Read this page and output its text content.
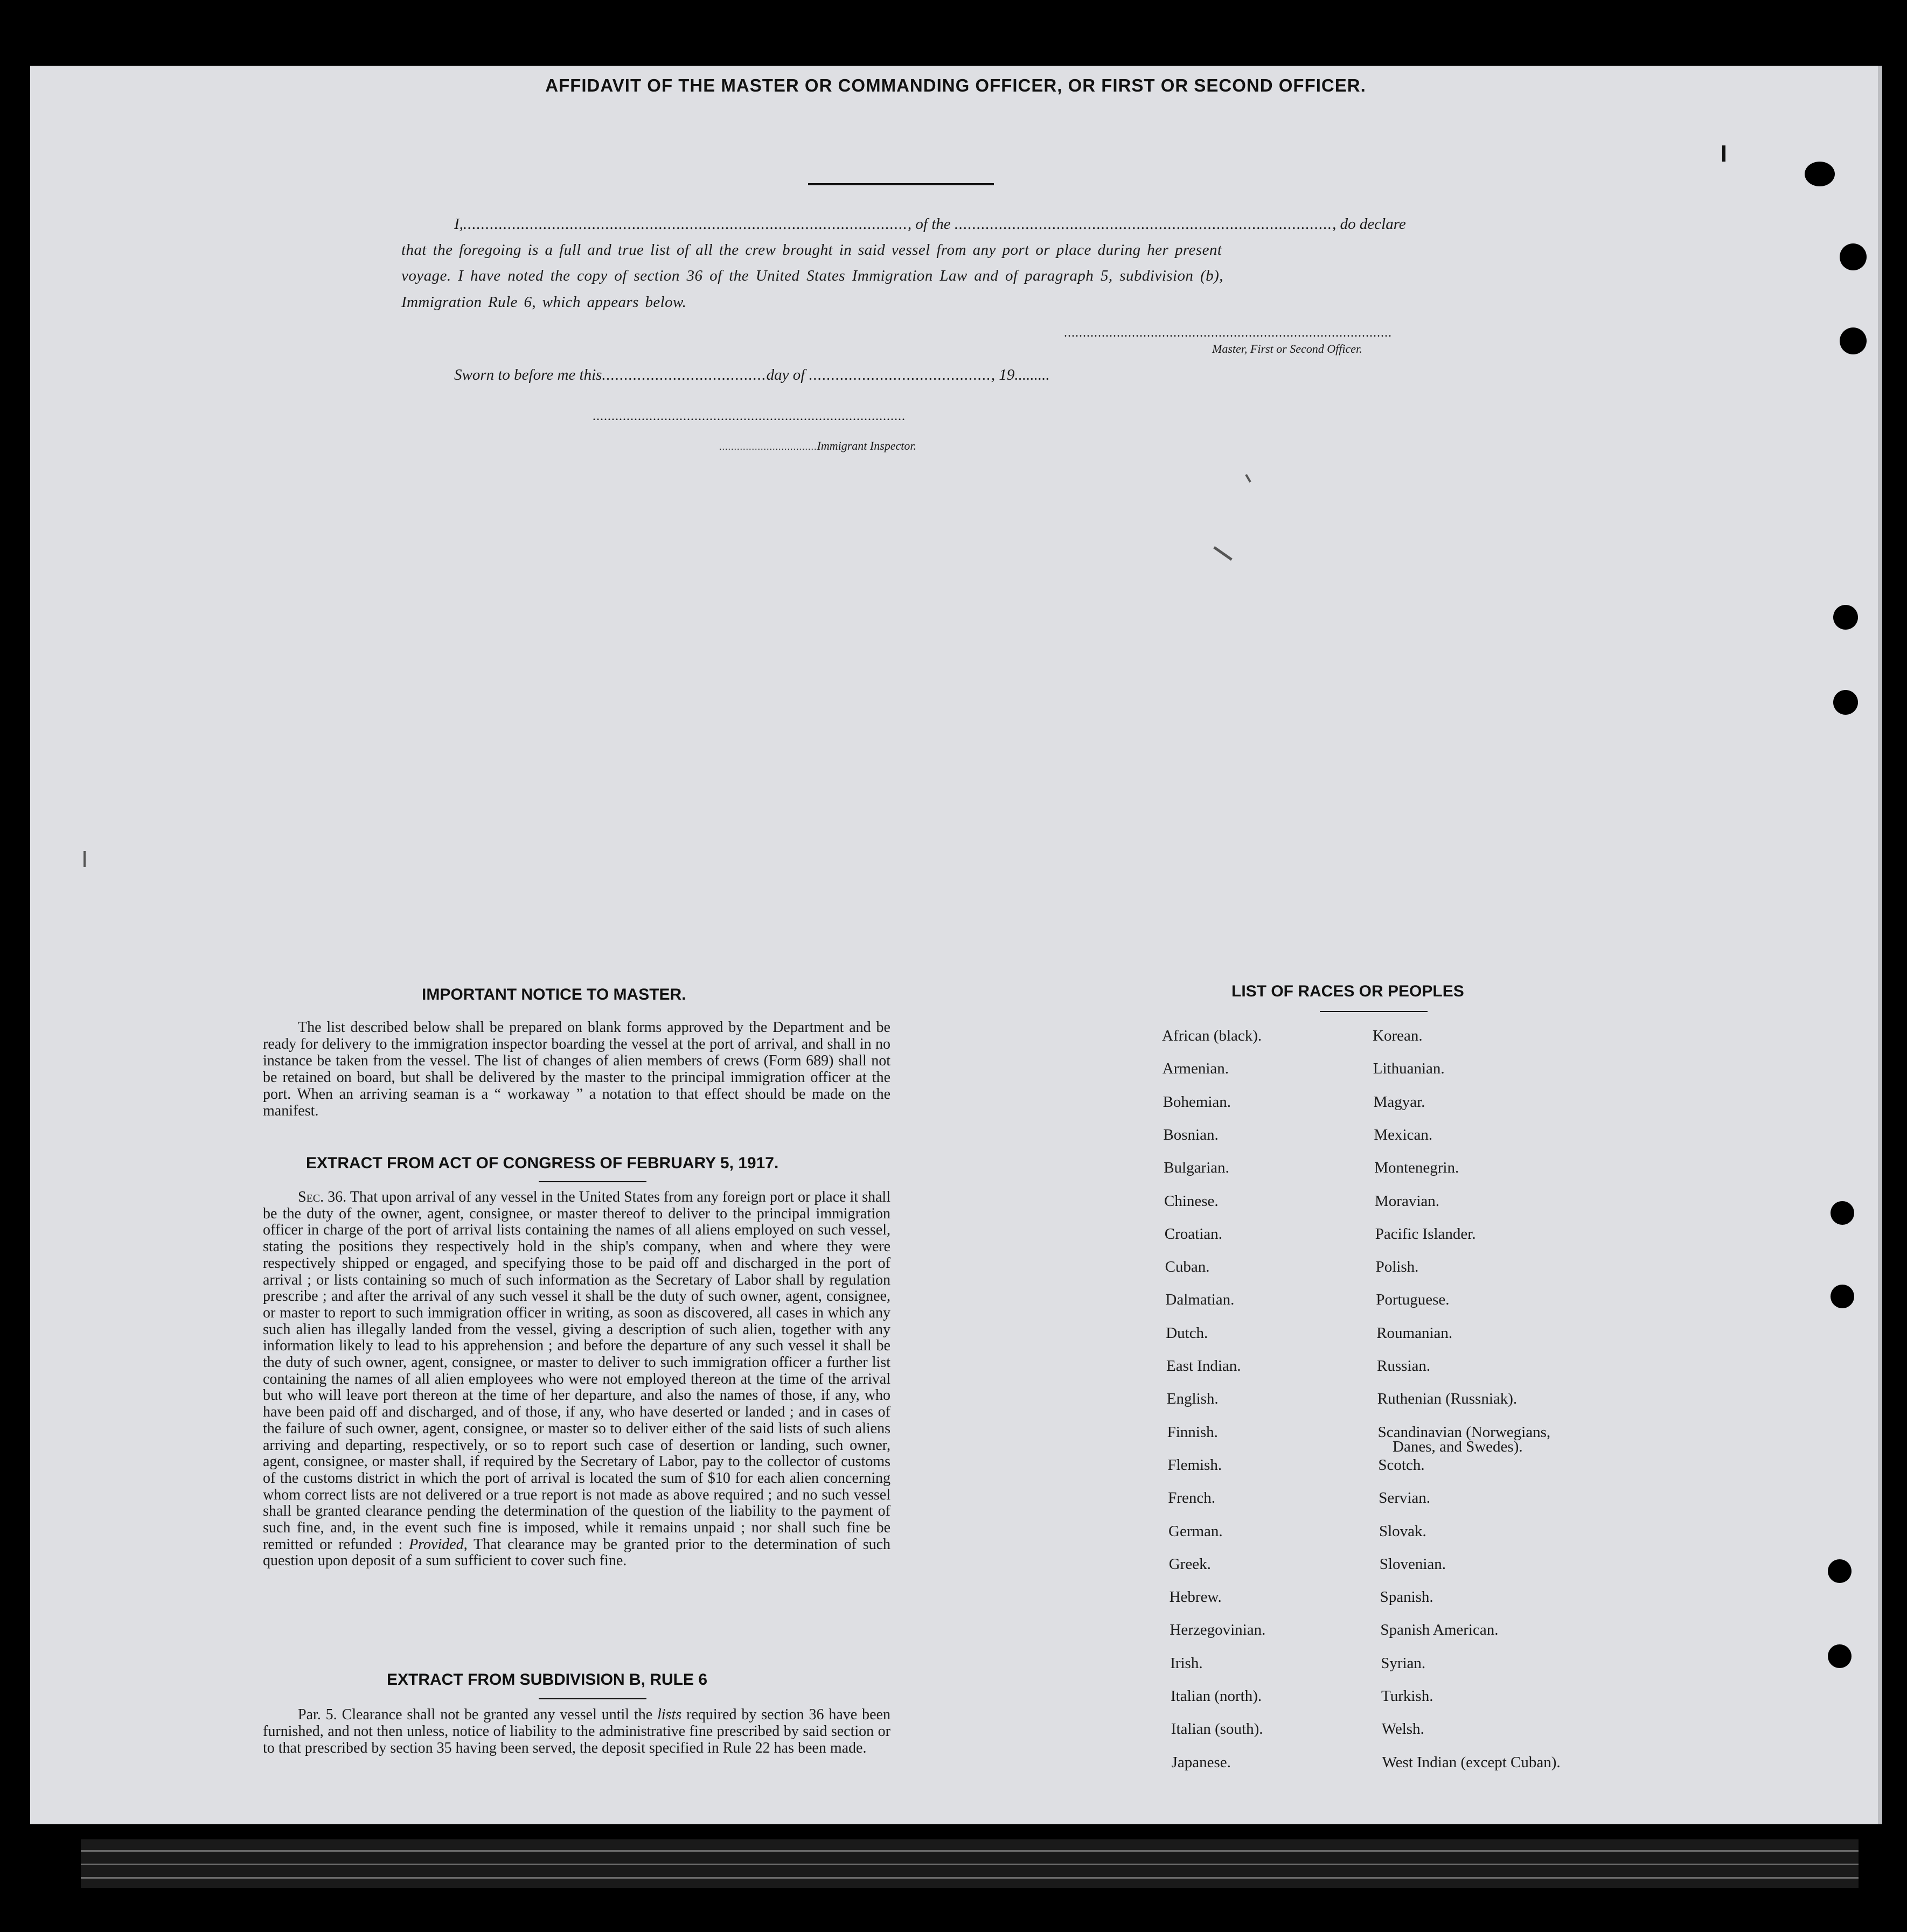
AFFIDAVIT OF THE MASTER OR COMMANDING OFFICER, OR FIRST OR SECOND OFFICER.
I,...................................................................................................., of the ....................................................................................., do declare
that the foregoing is a full and true list of all the crew brought in said vessel from any port or place during her present
voyage. I have noted the copy of section 36 of the United States Immigration Law and of paragraph 5, subdivision (b),
Immigration Rule 6, which appears below.
.......................................................................................
Master, First or Second Officer.
Sworn to before me this.....................................day of ........................................., 19.........
...................................................................................
.................................Immigrant Inspector.
IMPORTANT NOTICE TO MASTER.
The list described below shall be prepared on blank forms approved by the Department and be ready for delivery to the immigration inspector boarding the vessel at the port of arrival, and shall in no instance be taken from the vessel. The list of changes of alien members of crews (Form 689) shall not be retained on board, but shall be delivered by the master to the principal immigration officer at the port. When an arriving seaman is a “ workaway ” a notation to that effect should be made on the manifest.
EXTRACT FROM ACT OF CONGRESS OF FEBRUARY 5, 1917.
Sec. 36. That upon arrival of any vessel in the United States from any foreign port or place it shall be the duty of the owner, agent, consignee, or master thereof to deliver to the principal immigration officer in charge of the port of arrival lists containing the names of all aliens employed on such vessel, stating the positions they respectively hold in the ship's company, when and where they were respectively shipped or engaged, and specifying those to be paid off and discharged in the port of arrival ; or lists containing so much of such information as the Secretary of Labor shall by regulation prescribe ; and after the arrival of any such vessel it shall be the duty of such owner, agent, consignee, or master to report to such immigration officer in writing, as soon as discovered, all cases in which any such alien has illegally landed from the vessel, giving a description of such alien, together with any information likely to lead to his apprehension ; and before the departure of any such vessel it shall be the duty of such owner, agent, consignee, or master to deliver to such immigration officer a further list containing the names of all alien employees who were not employed thereon at the time of the arrival but who will leave port thereon at the time of her departure, and also the names of those, if any, who have been paid off and discharged, and of those, if any, who have deserted or landed ; and in cases of the failure of such owner, agent, consignee, or master so to deliver either of the said lists of such aliens arriving and departing, respectively, or so to report such case of desertion or landing, such owner, agent, consignee, or master shall, if required by the Secretary of Labor, pay to the collector of customs of the customs district in which the port of arrival is located the sum of $10 for each alien concerning whom correct lists are not delivered or a true report is not made as above required ; and no such vessel shall be granted clearance pending the determination of the question of the liability to the payment of such fine, and, in the event such fine is imposed, while it remains unpaid ; nor shall such fine be remitted or refunded : Provided, That clearance may be granted prior to the determination of such question upon deposit of a sum sufficient to cover such fine.
EXTRACT FROM SUBDIVISION B, RULE 6
Par. 5. Clearance shall not be granted any vessel until the lists required by section 36 have been furnished, and not then unless, notice of liability to the administrative fine prescribed by said section or to that prescribed by section 35 having been served, the deposit specified in Rule 22 has been made.
LIST OF RACES OR PEOPLES
Danes, and Swedes).
African (black).
Armenian.
Bohemian.
Bosnian.
Bulgarian.
Chinese.
Croatian.
Cuban.
Dalmatian.
Dutch.
East Indian.
English.
Finnish.
Flemish.
French.
German.
Greek.
Hebrew.
Herzegovinian.
Irish.
Italian (north).
Italian (south).
Japanese.
Korean.
Lithuanian.
Magyar.
Mexican.
Montenegrin.
Moravian.
Pacific Islander.
Polish.
Portuguese.
Roumanian.
Russian.
Ruthenian (Russniak).
Scandinavian (Norwegians,
Scotch.
Servian.
Slovak.
Slovenian.
Spanish.
Spanish American.
Syrian.
Turkish.
Welsh.
West Indian (except Cuban).
